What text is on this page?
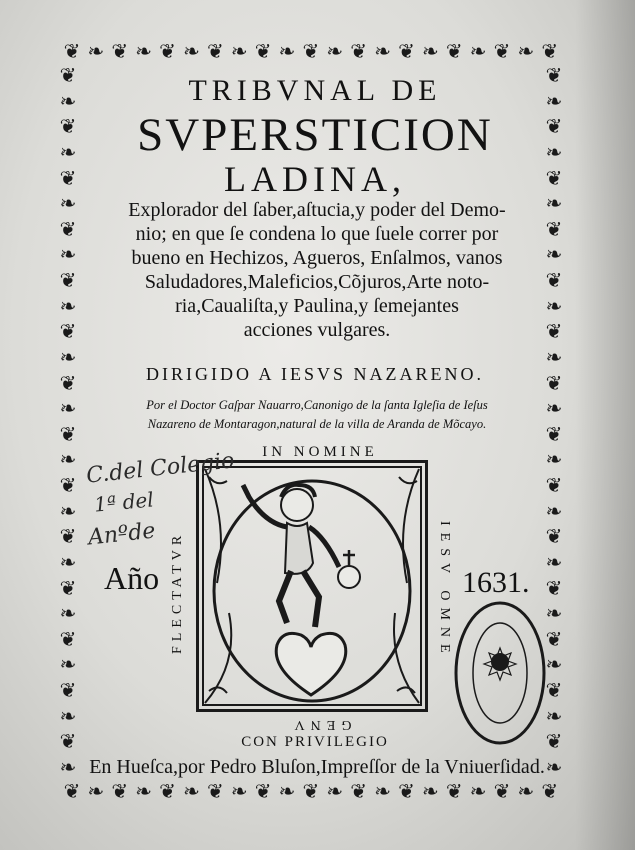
❦ ❧ ❦ ❧ ❦ ❧ ❦ ❧ ❦ ❧ ❦ ❧ ❦ ❧ ❦ ❧ ❦ ❧ ❦ ❧ ❦
❦ ❧ ❦ ❧ ❦ ❧ ❦ ❧ ❦ ❧ ❦ ❧ ❦ ❧ ❦ ❧ ❦ ❧ ❦ ❧ ❦
❦
❧
❦
❧
❦
❧
❦
❧
❦
❧
❦
❧
❦
❧
❦
❧
❦
❧
❦
❧
❦
❧
❦
❧
❦
❧
❦
❧
❦
❧
❦
❧
❦
❧
❦
❧
❦
❧
❦
❧
❦
❧
❦
❧
❦
❧
❦
❧
❦
❧
❦
❧
❦
❧
❦
❧
TRIBVNAL DE
SVPERSTICION
LADINA,
Explorador del ſaber,aſtucia,y poder del Demo-
nio; en que ſe condena lo que ſuele correr por
bueno en Hechizos, Agueros, Enſalmos, vanos
Saludadores,Maleficios,Cõjuros,Arte noto-
ria,Caualiſta,y Paulina,y ſemejantes
acciones vulgares.
DIRIGIDO A IESVS NAZARENO.
Por el Doctor Gaſpar Nauarro,Canonigo de la ſanta Igleſia de Ieſus
Nazareno de Montaragon,natural de la villa de Aranda de Mõcayo.
IN NOMINE
FLECTATVR	IESV OMNE
GENV
CON PRIVILEGIO
En Hueſca,por Pedro Bluſon,Impreſſor de la Vniuerſidad.
Año	1631.
C.del Colegio
1ª del
Anºde
